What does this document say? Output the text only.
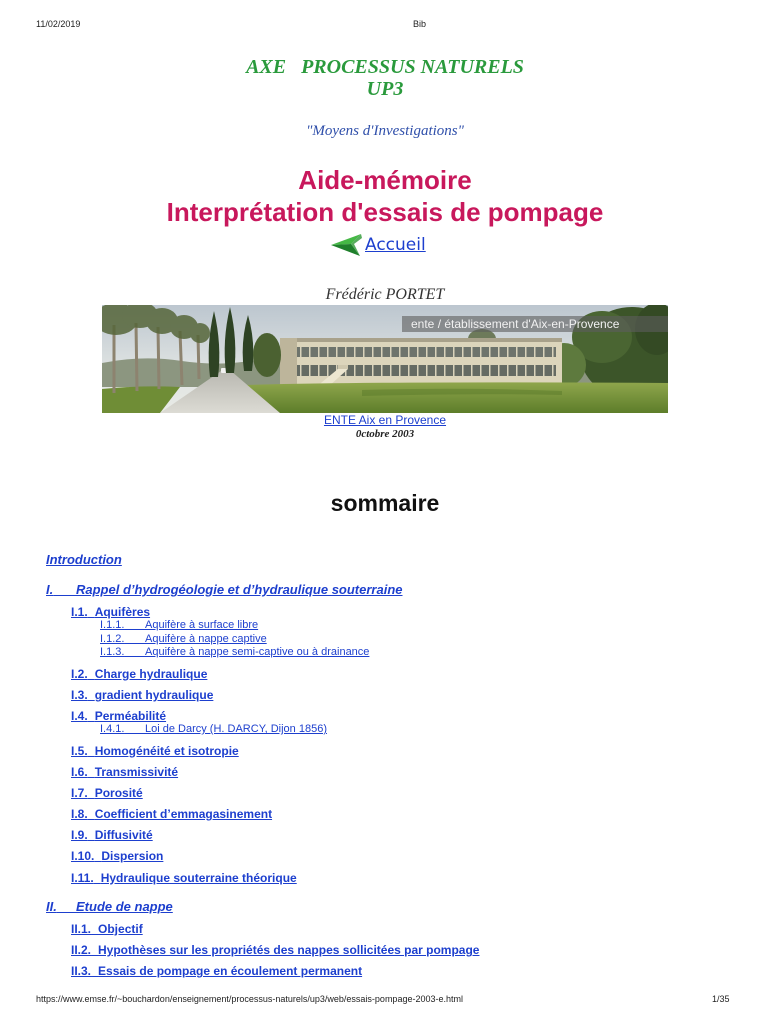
11/02/2019	Bib
AXE   PROCESSUS NATURELS
UP3
"Moyens d'Investigations"
Aide-mémoire
Interprétation d'essais de pompage
Accueil
Frédéric PORTET
ente / établissement d'Aix-en-Provence
ENTE Aix en Provence
0ctobre 2003
sommaire
Introduction
I. Rappel d’hydrogéologie et d’hydraulique souterraine
I.1. Aquifères
I.1.1. Aquifère à surface libre
I.1.2. Aquifère à nappe captive
I.1.3. Aquifère à nappe semi-captive ou à drainance
I.2. Charge hydraulique
I.3. gradient hydraulique
I.4. Perméabilité
I.4.1. Loi de Darcy (H. DARCY, Dijon 1856)
I.5. Homogénéité et isotropie
I.6. Transmissivité
I.7. Porosité
I.8. Coefficient d’emmagasinement
I.9. Diffusivité
I.10. Dispersion
I.11. Hydraulique souterraine théorique
II. Etude de nappe
II.1. Objectif
II.2. Hypothèses sur les propriétés des nappes sollicitées par pompage
II.3. Essais de pompage en écoulement permanent
https://www.emse.fr/~bouchardon/enseignement/processus-naturels/up3/web/essais-pompage-2003-e.html	1/35
